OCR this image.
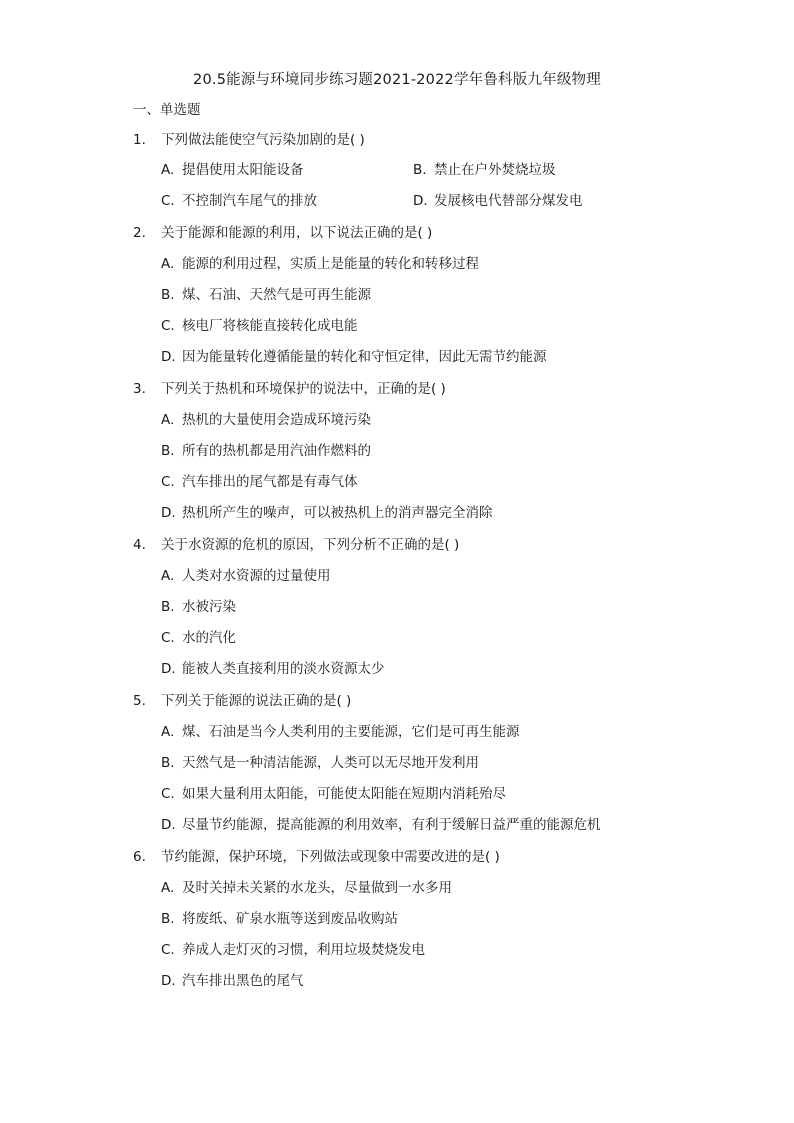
20.5能源与环境同步练习题2021-2022学年鲁科版九年级物理
一、单选题
1. 下列做法能使空气污染加剧的是( )
A. 提倡使用太阳能设备	B. 禁止在户外焚烧垃圾
C. 不控制汽车尾气的排放	D. 发展核电代替部分煤发电
2. 关于能源和能源的利用，以下说法正确的是( )
A. 能源的利用过程，实质上是能量的转化和转移过程
B. 煤、石油、天然气是可再生能源
C. 核电厂将核能直接转化成电能
D. 因为能量转化遵循能量的转化和守恒定律，因此无需节约能源
3. 下列关于热机和环境保护的说法中，正确的是( )
A. 热机的大量使用会造成环境污染
B. 所有的热机都是用汽油作燃料的
C. 汽车排出的尾气都是有毒气体
D. 热机所产生的噪声，可以被热机上的消声器完全消除
4. 关于水资源的危机的原因，下列分析不正确的是( )
A. 人类对水资源的过量使用
B. 水被污染
C. 水的汽化
D. 能被人类直接利用的淡水资源太少
5. 下列关于能源的说法正确的是( )
A. 煤、石油是当今人类利用的主要能源，它们是可再生能源
B. 天然气是一种清洁能源，人类可以无尽地开发利用
C. 如果大量利用太阳能，可能使太阳能在短期内消耗殆尽
D. 尽量节约能源，提高能源的利用效率，有利于缓解日益严重的能源危机
6. 节约能源，保护环境，下列做法或现象中需要改进的是( )
A. 及时关掉未关紧的水龙头，尽量做到一水多用
B. 将废纸、矿泉水瓶等送到废品收购站
C. 养成人走灯灭的习惯，利用垃圾焚烧发电
D. 汽车排出黑色的尾气
